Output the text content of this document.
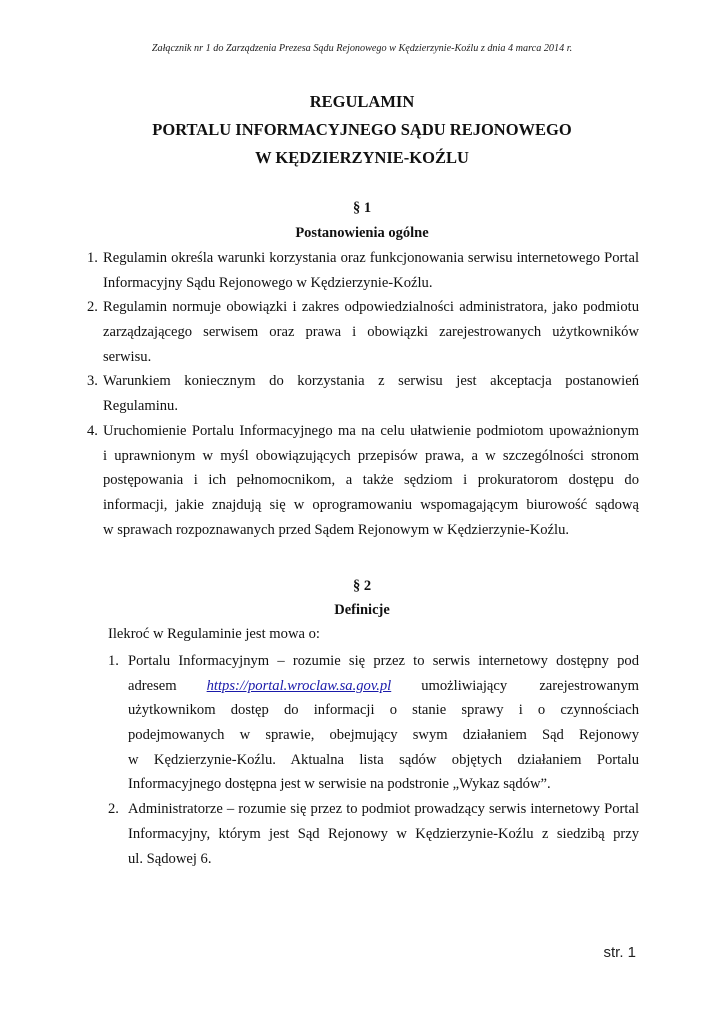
Załącznik nr 1 do Zarządzenia Prezesa Sądu Rejonowego w Kędzierzynie-Koźlu z dnia 4 marca 2014 r.
REGULAMIN
PORTALU INFORMACYJNEGO SĄDU REJONOWEGO
W KĘDZIERZYNIE-KOŹLU
§ 1
Postanowienia ogólne
1. Regulamin określa warunki korzystania oraz funkcjonowania serwisu internetowego Portal
Informacyjny Sądu Rejonowego w Kędzierzynie-Koźlu.
2. Regulamin normuje obowiązki i zakres odpowiedzialności administratora, jako podmiotu
zarządzającego serwisem oraz prawa i obowiązki zarejestrowanych użytkowników
serwisu.
3. Warunkiem koniecznym do korzystania z serwisu jest akceptacja postanowień
Regulaminu.
4. Uruchomienie Portalu Informacyjnego ma na celu ułatwienie podmiotom upoważnionym
i uprawnionym w myśl obowiązujących przepisów prawa, a w szczególności stronom
postępowania i ich pełnomocnikom, a także sędziom i prokuratorom dostępu do
informacji, jakie znajdują się w oprogramowaniu wspomagającym biurowość sądową
w sprawach rozpoznawanych przed Sądem Rejonowym w Kędzierzynie-Koźlu.
§ 2
Definicje
Ilekroć w Regulaminie jest mowa o:
1. Portalu Informacyjnym – rozumie się przez to serwis internetowy dostępny pod
adresem https://portal.wroclaw.sa.gov.pl umożliwiający zarejestrowanym
użytkownikom dostęp do informacji o stanie sprawy i o czynnościach
podejmowanych w sprawie, obejmujący swym działaniem Sąd Rejonowy
w Kędzierzynie-Koźlu. Aktualna lista sądów objętych działaniem Portalu
Informacyjnego dostępna jest w serwisie na podstronie „Wykaz sądów”.
2. Administratorze – rozumie się przez to podmiot prowadzący serwis internetowy Portal
Informacyjny, którym jest Sąd Rejonowy w Kędzierzynie-Koźlu z siedzibą przy
ul. Sądowej 6.
str. 1
